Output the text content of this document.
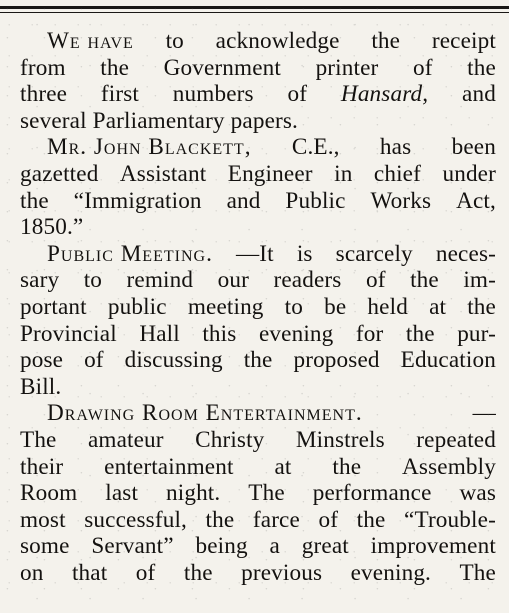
We have to acknowledge the receipt
from the Government printer of the
three first numbers of Hansard, and
several
Parliamentary
papers.
Mr. John Blackett, C.E., has been
gazetted Assistant Engineer in chief under
the “Immigration and Public Works Act,
1850.”
Public Meeting. —It is scarcely neces-
sary to remind our readers of the im-
portant public meeting to be held at the
Provincial Hall this evening for the pur-
pose of discussing the proposed Education
Bill.
Drawing Room Entertainment.	—
The amateur Christy Minstrels repeated
their entertainment at the Assembly
Room last night. The performance was
most successful, the farce of the “Trouble-
some Servant” being a great improvement
on that of the previous evening. The
